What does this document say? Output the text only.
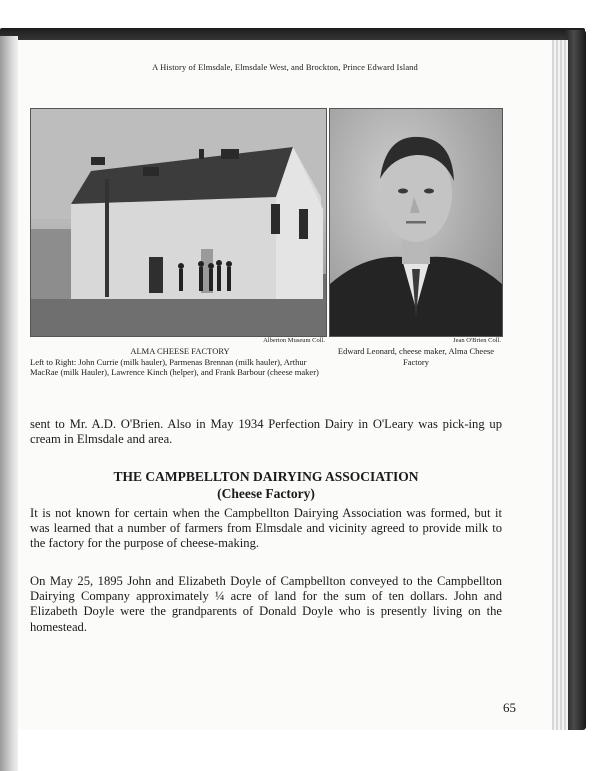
A History of Elmsdale, Elmsdale West, and Brockton, Prince Edward Island
Alberton Museum Coll.	Jean O'Brien Coll.
ALMA CHEESE FACTORY
Left to Right: John Currie (milk hauler), Parmenas Brennan (milk hauler), Arthur MacRae (milk Hauler), Lawrence Kinch (helper), and Frank Barbour (cheese maker)
Edward Leonard, cheese maker, Alma Cheese Factory
sent to Mr. A.D. O'Brien. Also in May 1934 Perfection Dairy in O'Leary was pick-ing up cream in Elmsdale and area.
THE CAMPBELLTON DAIRYING ASSOCIATION
(Cheese Factory)
It is not known for certain when the Campbellton Dairying Association was formed, but it was learned that a number of farmers from Elmsdale and vicinity agreed to provide milk to the factory for the purpose of cheese-making.
On May 25, 1895 John and Elizabeth Doyle of Campbellton conveyed to the Campbellton Dairying Company approximately ¼ acre of land for the sum of ten dollars. John and Elizabeth Doyle were the grandparents of Donald Doyle who is presently living on the homestead.
65
